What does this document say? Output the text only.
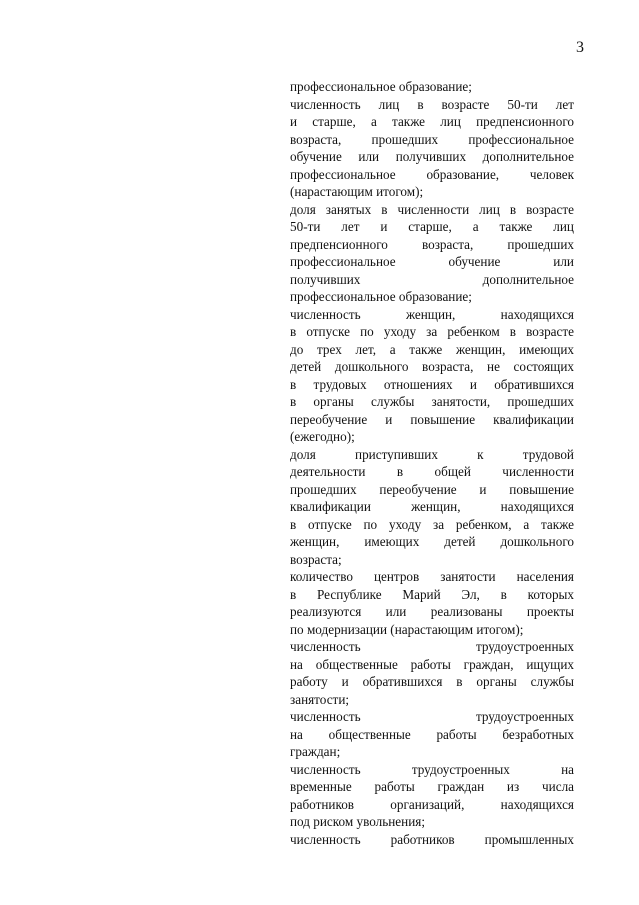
3
профессиональное образование;
численность лиц в возрасте 50-ти лет
и старше, а также лиц предпенсионного
возраста, прошедших профессиональное
обучение или получивших дополнительное
профессиональное образование, человек
(нарастающим итогом);
доля занятых в численности лиц в возрасте
50-ти лет и старше, а также лиц
предпенсионного возраста, прошедших
профессиональное обучение или
получивших дополнительное
профессиональное образование;
численность женщин, находящихся
в отпуске по уходу за ребенком в возрасте
до трех лет, а также женщин, имеющих
детей дошкольного возраста, не состоящих
в трудовых отношениях и обратившихся
в органы службы занятости, прошедших
переобучение и повышение квалификации
(ежегодно);
доля приступивших к трудовой
деятельности в общей численности
прошедших переобучение и повышение
квалификации женщин, находящихся
в отпуске по уходу за ребенком, а также
женщин, имеющих детей дошкольного
возраста;
количество центров занятости населения
в Республике Марий Эл, в которых
реализуются или реализованы проекты
по модернизации (нарастающим итогом);
численность трудоустроенных
на общественные работы граждан, ищущих
работу и обратившихся в органы службы
занятости;
численность трудоустроенных
на общественные работы безработных
граждан;
численность трудоустроенных на
временные работы граждан из числа
работников организаций, находящихся
под риском увольнения;
численность работников промышленных
